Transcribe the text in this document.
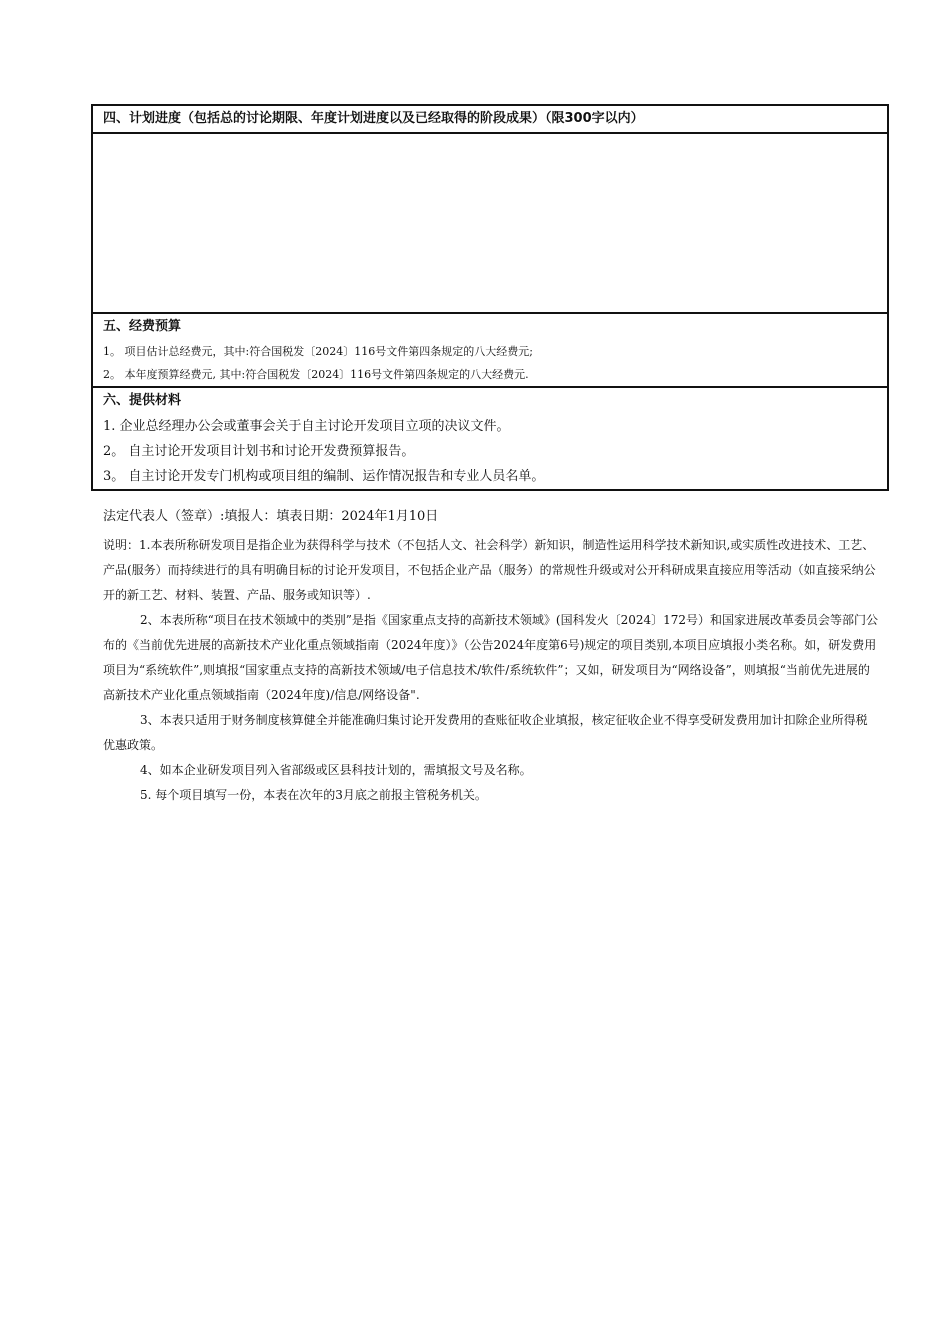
四、计划进度（包括总的讨论期限、年度计划进度以及已经取得的阶段成果）（限300字以内）

五、经费预算
1。 项目估计总经费元，其中:符合国税发〔2024〕116号文件第四条规定的八大经费元;
2。 本年度预算经费元, 其中:符合国税发〔2024〕116号文件第四条规定的八大经费元.

六、提供材料
1. 企业总经理办公会或董事会关于自主讨论开发项目立项的决议文件。
2。 自主讨论开发项目计划书和讨论开发费预算报告。
3。 自主讨论开发专门机构或项目组的编制、运作情况报告和专业人员名单。
法定代表人（签章）:填报人：填表日期：2024年1月10日

说明：1.本表所称研发项目是指企业为获得科学与技术（不包括人文、社会科学）新知识，制造性运用科学技术新知识,或实质性改进技术、工艺、产品(服务）而持续进行的具有明确目标的讨论开发项目，不包括企业产品（服务）的常规性升级或对公开科研成果直接应用等活动（如直接采纳公开的新工艺、材料、装置、产品、服务或知识等）.

2、本表所称“项目在技术领域中的类别”是指《国家重点支持的高新技术领域》(国科发火〔2024〕172号）和国家进展改革委员会等部门公布的《当前优先进展的高新技术产业化重点领域指南（2024年度）》（公告2024年度第6号)规定的项目类别,本项目应填报小类名称。如，研发费用项目为“系统软件”,则填报“国家重点支持的高新技术领域/电子信息技术/软件/系统软件”；又如，研发项目为“网络设备”，则填报“当前优先进展的高新技术产业化重点领域指南（2024年度)/信息/网络设备".

3、本表只适用于财务制度核算健全并能准确归集讨论开发费用的查账征收企业填报，核定征收企业不得享受研发费用加计扣除企业所得税优惠政策。

4、如本企业研发项目列入省部级或区县科技计划的，需填报文号及名称。

5. 每个项目填写一份，本表在次年的3月底之前报主管税务机关。
